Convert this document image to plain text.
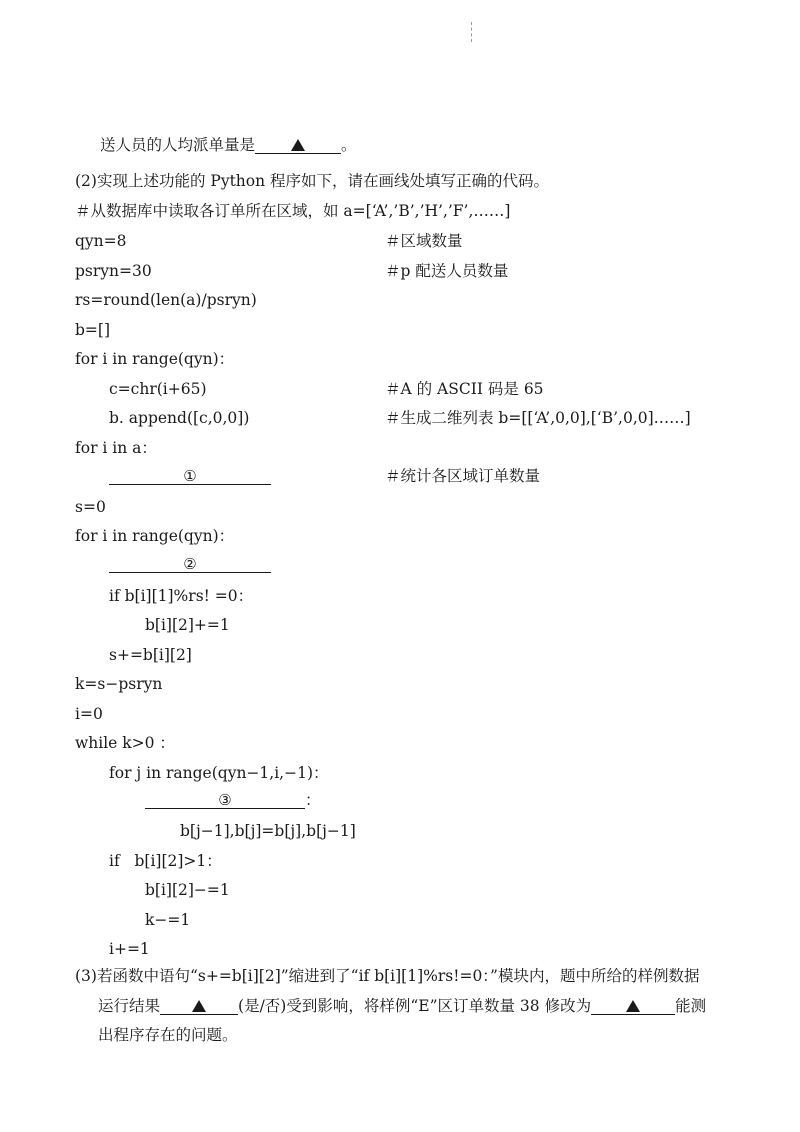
送人员的人均派单量是	。
(2)实现上述功能的 Python 程序如下，请在画线处填写正确的代码。
＃从数据库中读取各订单所在区域，如 a=[‘A’,’B’,’H’,’F’,……]
qyn=8	＃区域数量
psryn=30	＃p 配送人员数量
rs=round(len(a)/psryn)
b=[]
for i in range(qyn)：
c=chr(i+65)	＃A 的 ASCII 码是 65
b. append([c,0,0])	＃生成二维列表 b=[[‘A’,0,0],[‘B’,0,0]……]
for i in a：
①	＃统计各区域订单数量
s=0
for i in range(qyn)：
②
if b[i][1]%rs! =0：
b[i][2]+=1
s+=b[i][2]
k=s−psryn
i=0
while k>0 ：
for j in range(qyn−1,i,−1)：
③	：
b[j−1],b[j]=b[j],b[j−1]
if   b[i][2]>1：
b[i][2]−=1
k−=1
i+=1
(3)若函数中语句“s+=b[i][2]”缩进到了“if b[i][1]%rs!=0：”模块内，题中所给的样例数据
运行结果	(是/否)受到影响，将样例“E”区订单数量 38 修改为	能测
出程序存在的问题。
